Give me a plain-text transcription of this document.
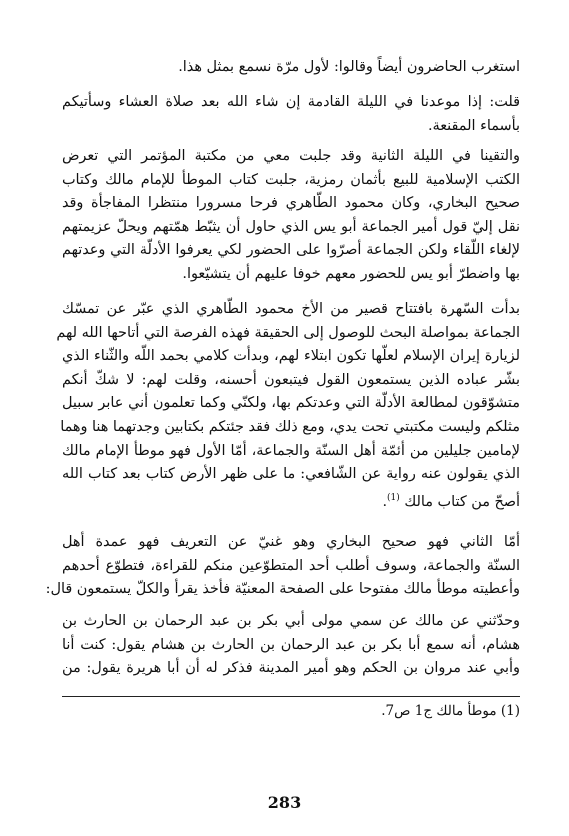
استغرب الحاضرون أيضاً وقالوا: لأول مرّة نسمع بمثل هذا.
قلت: إذا موعدنا في الليلة القادمة إن شاء الله بعد صلاة العشاء وسأتيكم
بأسماء المقنعة.
والتقينا في الليلة الثانية وقد جلبت معي من مكتبة المؤتمر التي تعرض
الكتب الإسلامية للبيع بأثمان رمزية، جلبت كتاب الموطأ للإمام مالك وكتاب
صحيح البخاري، وكان محمود الطّاهري فرحا مسرورا منتظرا المفاجأة وقد
نقل إليّ قول أمير الجماعة أبو يس الذي حاول أن يثبّط همّتهم ويحلّ عزيمتهم
لإلغاء اللّقاء ولكن الجماعة أصرّوا على الحضور لكي يعرفوا الأدلّة التي وعدتهم
بها واضطرّ أبو يس للحضور معهم خوفا عليهم أن يتشيّعوا.
بدأت السّهرة بافتتاح قصير من الأخ محمود الطّاهري الذي عبّر عن تمسّك
الجماعة بمواصلة البحث للوصول إلى الحقيقة فهذه الفرصة التي أتاحها الله لهم
لزيارة إيران الإسلام لعلّها تكون ابتلاء لهم، وبدأت كلامي بحمد اللّه والثّناء الذي
بشّر عباده الذين يستمعون القول فيتبعون أحسنه، وقلت لهم: لا شكّ أنكم
متشوّقون لمطالعة الأدلّة التي وعدتكم بها، ولكنّي وكما تعلمون أني عابر سبيل
مثلكم وليست مكتبتي تحت يدي، ومع ذلك فقد جئتكم بكتابين وجدتهما هنا وهما
لإمامين جليلين من أئمّة أهل السنّة والجماعة، أمّا الأول فهو موطأ الإمام مالك
الذي يقولون عنه رواية عن الشّافعي: ما على ظهر الأرض كتاب بعد كتاب الله
أصحّ من كتاب مالك $^{(1)}$.
أمّا الثاني فهو صحيح البخاري وهو غنيّ عن التعريف فهو عمدة أهل
السنّة والجماعة، وسوف أطلب أحد المتطوّعين منكم للقراءة، فتطوّع أحدهم
وأعطيته موطأ مالك مفتوحا على الصفحة المعنيّة فأخذ يقرأ والكلّ يستمعون قال:
وحدّثني عن مالك عن سمي مولى أبي بكر بن عبد الرحمان بن الحارث بن
هشام، أنه سمع أبا بكر بن عبد الرحمان بن الحارث بن هشام يقول: كنت أنا
وأبي عند مروان بن الحكم وهو أمير المدينة فذكر له أن أبا هريرة يقول: من
(1) موطأ مالك ج1 ص7.
283
